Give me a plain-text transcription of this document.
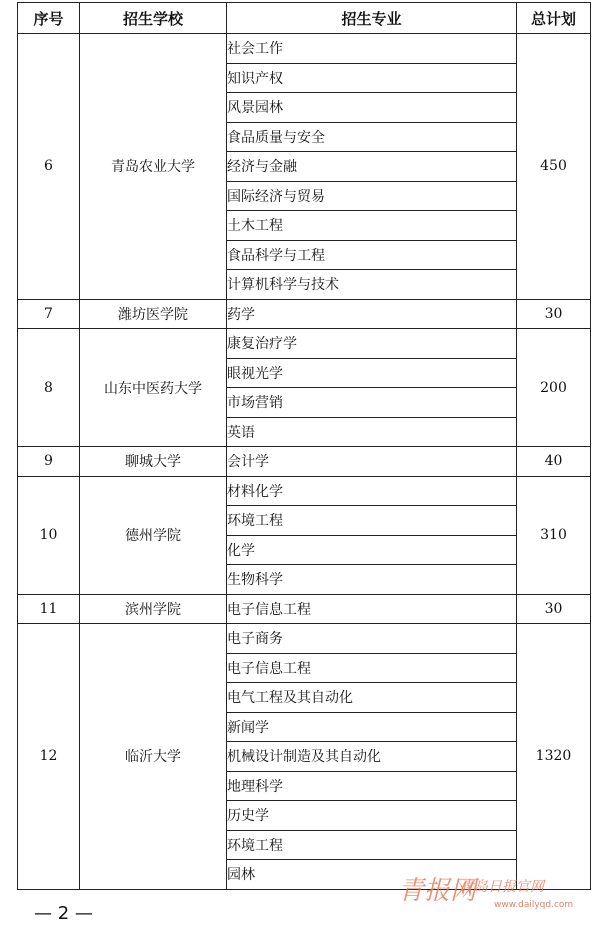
序号	招生学校	招生专业	总计划
6	青岛农业大学	社会工作	450
		知识产权	
		风景园林	
		食品质量与安全	
		经济与金融	
		国际经济与贸易	
		土木工程	
		食品科学与工程	
		计算机科学与技术	
7	潍坊医学院	药学	30
8	山东中医药大学	康复治疗学	200
		眼视光学	
		市场营销	
		英语	
9	聊城大学	会计学	40
10	德州学院	材料化学	310
		环境工程	
		化学	
		生物科学	
11	滨州学院	电子信息工程	30
12	临沂大学	电子商务	1320
		电子信息工程	
		电气工程及其自动化	
		新闻学	
		机械设计制造及其自动化	
		地理科学	
		历史学	
		环境工程	
		园林	
— 2 —
青报网
青岛日报官网
www.dailyqd.com
